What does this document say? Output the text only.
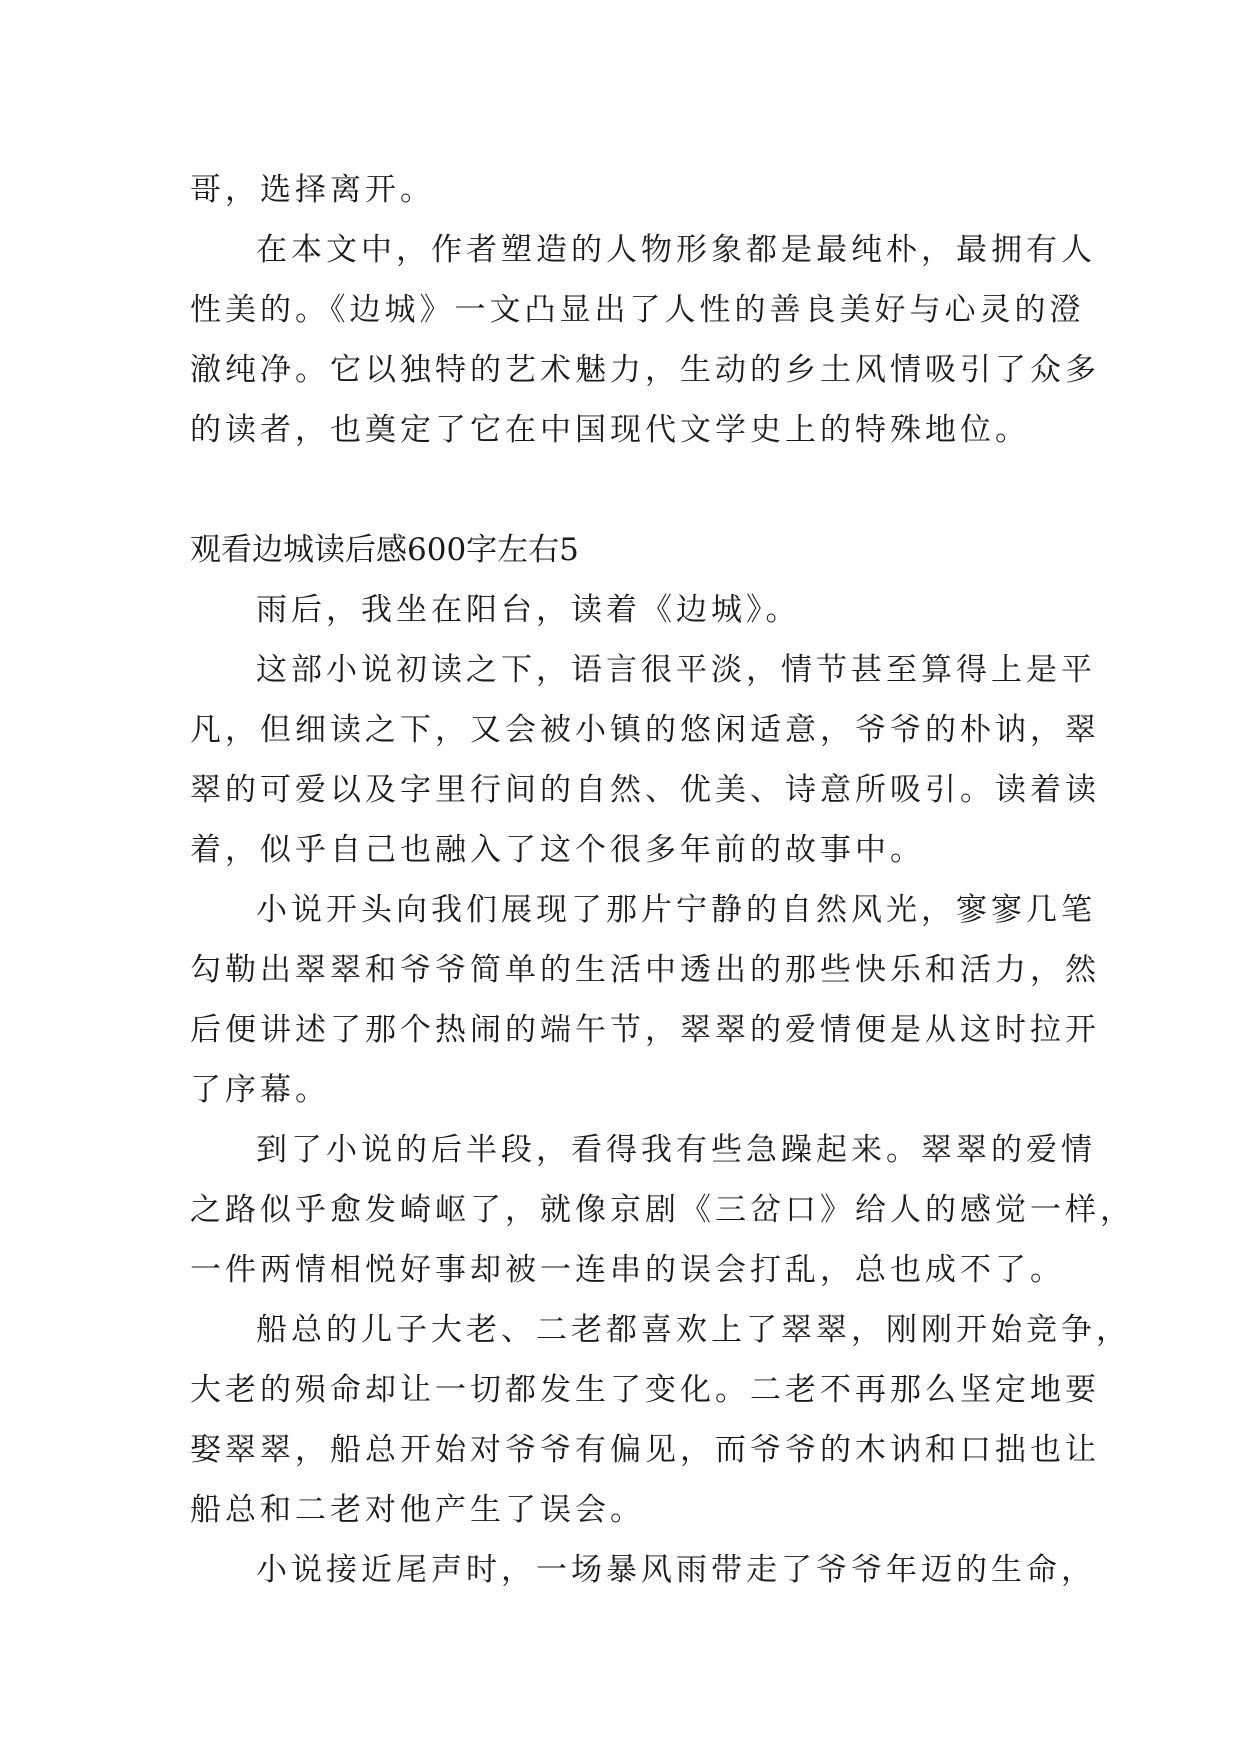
哥，选择离开。
在本文中，作者塑造的人物形象都是最纯朴，最拥有人
性美的。《边城》一文凸显出了人性的善良美好与心灵的澄
澈纯净。它以独特的艺术魅力，生动的乡土风情吸引了众多
的读者，也奠定了它在中国现代文学史上的特殊地位。
观看边城读后感600字左右5
雨后，我坐在阳台，读着《边城》。
这部小说初读之下，语言很平淡，情节甚至算得上是平
凡，但细读之下，又会被小镇的悠闲适意，爷爷的朴讷，翠
翠的可爱以及字里行间的自然、优美、诗意所吸引。读着读
着，似乎自己也融入了这个很多年前的故事中。
小说开头向我们展现了那片宁静的自然风光，寥寥几笔
勾勒出翠翠和爷爷简单的生活中透出的那些快乐和活力，然
后便讲述了那个热闹的端午节，翠翠的爱情便是从这时拉开
了序幕。
到了小说的后半段，看得我有些急躁起来。翠翠的爱情
之路似乎愈发崎岖了，就像京剧《三岔口》给人的感觉一样，
一件两情相悦好事却被一连串的误会打乱，总也成不了。
船总的儿子大老、二老都喜欢上了翠翠，刚刚开始竞争，
大老的殒命却让一切都发生了变化。二老不再那么坚定地要
娶翠翠，船总开始对爷爷有偏见，而爷爷的木讷和口拙也让
船总和二老对他产生了误会。
小说接近尾声时，一场暴风雨带走了爷爷年迈的生命，
